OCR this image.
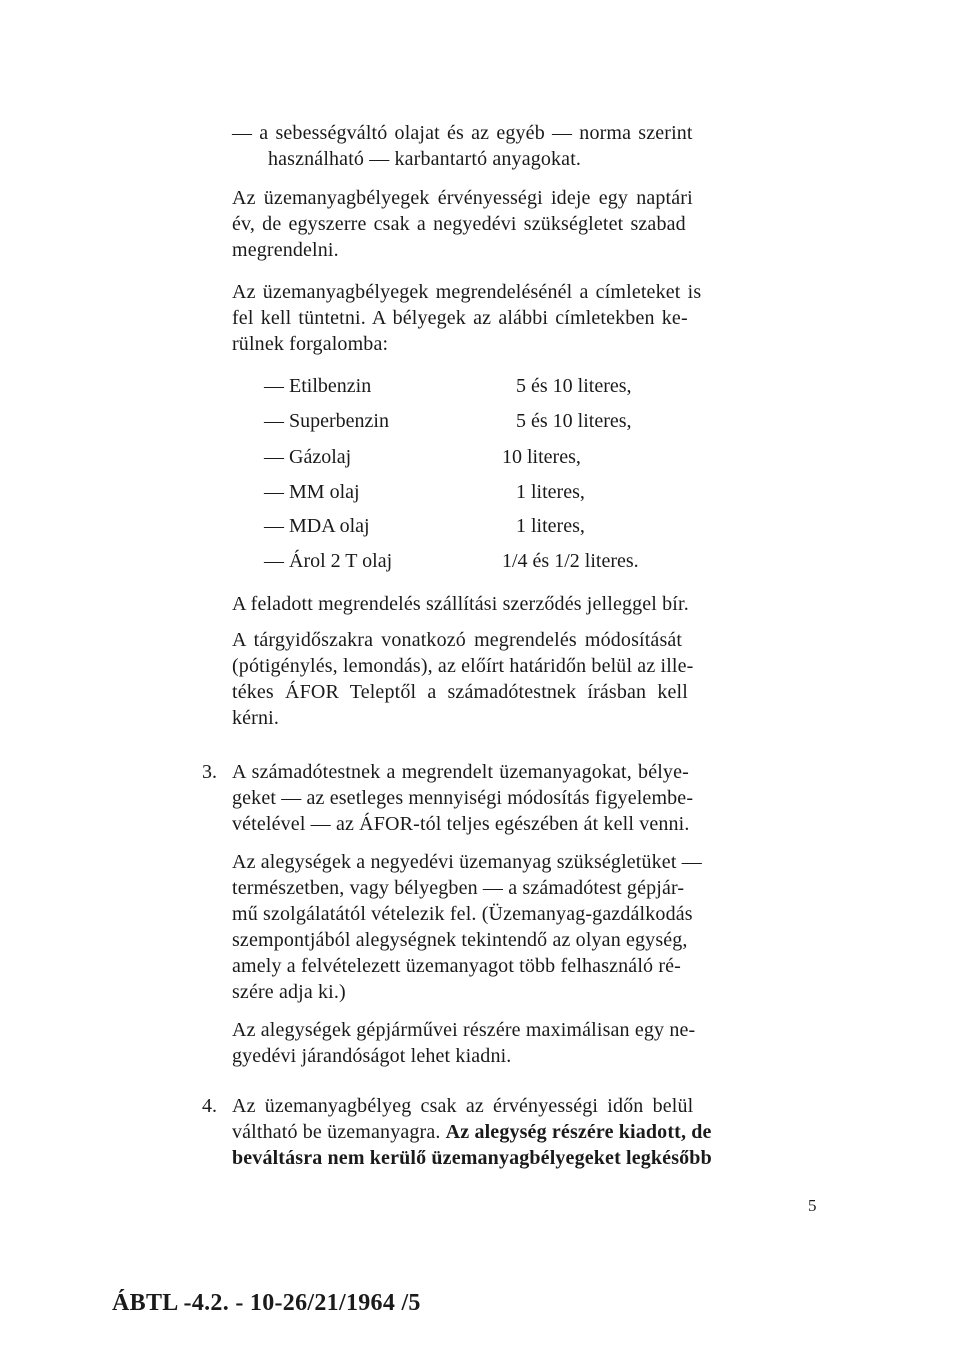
— a sebességváltó olajat és az egyéb — norma szerint
használható — karbantartó anyagokat.
Az üzemanyagbélyegek érvényességi ideje egy naptári
év, de egyszerre csak a negyedévi szükségletet szabad
megrendelni.
Az üzemanyagbélyegek megrendelésénél a címleteket is
fel kell tüntetni. A bélyegek az alábbi címletekben ke-
rülnek forgalomba:
— Etilbenzin	5 és 10 literes,
— Superbenzin	5 és 10 literes,
— Gázolaj	10 literes,
— MM olaj	1 literes,
— MDA olaj	1 literes,
— Árol 2 T olaj	1/4 és 1/2 literes.
A feladott megrendelés szállítási szerződés jelleggel bír.
A tárgyidőszakra vonatkozó megrendelés módosítását
(pótigénylés, lemondás), az előírt határidőn belül az ille-
tékes ÁFOR Teleptől a számadótestnek írásban kell
kérni.
3. A számadótestnek a megrendelt üzemanyagokat, bélye-
geket — az esetleges mennyiségi módosítás figyelembe-
vételével — az ÁFOR-tól teljes egészében át kell venni.
Az alegységek a negyedévi üzemanyag szükségletüket —
természetben, vagy bélyegben — a számadótest gépjár-
mű szolgálatától vételezik fel. (Üzemanyag-gazdálkodás
szempontjából alegységnek tekintendő az olyan egység,
amely a felvételezett üzemanyagot több felhasználó ré-
szére adja ki.)
Az alegységek gépjárművei részére maximálisan egy ne-
gyedévi járandóságot lehet kiadni.
4. Az üzemanyagbélyeg csak az érvényességi időn belül
váltható be üzemanyagra. Az alegység részére kiadott, de
beváltásra nem kerülő üzemanyagbélyegeket legkésőbb
5
ÁBTL -4.2. - 10-26/21/1964 /5
